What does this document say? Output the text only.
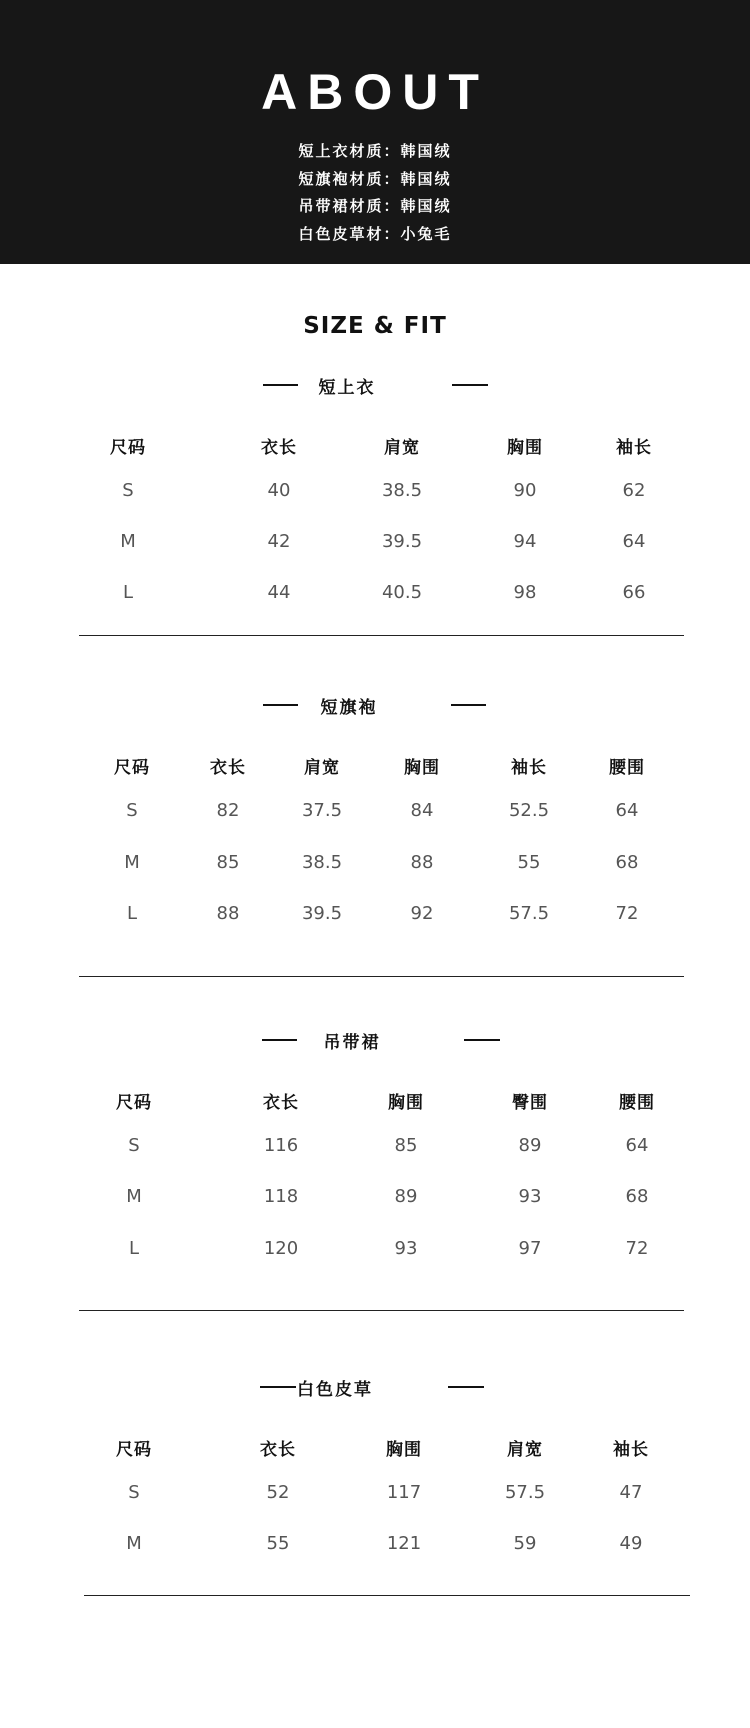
ABOUT
短上衣材质：韩国绒
短旗袍材质：韩国绒
吊带裙材质：韩国绒
白色皮草材：小兔毛
SIZE & FIT
短上衣
尺码	衣长	肩宽	胸围	袖长
S	40	38.5	90	62
M	42	39.5	94	64
L	44	40.5	98	66
短旗袍
尺码	衣长	肩宽	胸围	袖长	腰围
S	82	37.5	84	52.5	64
M	85	38.5	88	55	68
L	88	39.5	92	57.5	72
吊带裙
尺码	衣长	胸围	臀围	腰围
S	116	85	89	64
M	118	89	93	68
L	120	93	97	72
白色皮草
尺码	衣长	胸围	肩宽	袖长
S	52	117	57.5	47
M	55	121	59	49
